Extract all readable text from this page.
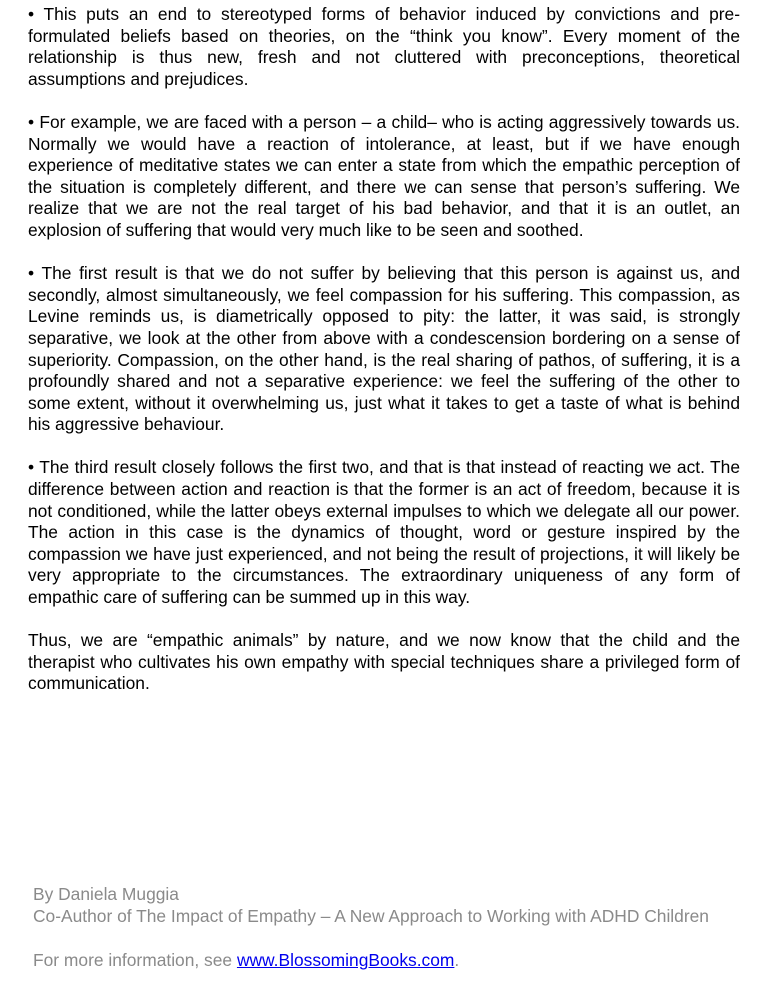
• This puts an end to stereotyped forms of behavior induced by convictions and pre-formulated beliefs based on theories, on the “think you know”. Every moment of the relationship is thus new, fresh and not cluttered with preconceptions, theoretical assumptions and prejudices.

• For example, we are faced with a person – a child– who is acting aggressively towards us. Normally we would have a reaction of intolerance, at least, but if we have enough experience of meditative states we can enter a state from which the empathic perception of the situation is completely different, and there we can sense that person’s suffering. We realize that we are not the real target of his bad behavior, and that it is an outlet, an explosion of suffering that would very much like to be seen and soothed.

• The first result is that we do not suffer by believing that this person is against us, and secondly, almost simultaneously, we feel compassion for his suffering. This compassion, as Levine reminds us, is diametrically opposed to pity: the latter, it was said, is strongly separative, we look at the other from above with a condescension bordering on a sense of superiority. Compassion, on the other hand, is the real sharing of pathos, of suffering, it is a profoundly shared and not a separative experience: we feel the suffering of the other to some extent, without it overwhelming us, just what it takes to get a taste of what is behind his aggressive behaviour.

• The third result closely follows the first two, and that is that instead of reacting we act. The difference between action and reaction is that the former is an act of freedom, because it is not conditioned, while the latter obeys external impulses to which we delegate all our power. The action in this case is the dynamics of thought, word or gesture inspired by the compassion we have just experienced, and not being the result of projections, it will likely be very appropriate to the circumstances. The extraordinary uniqueness of any form of empathic care of suffering can be summed up in this way.

Thus, we are “empathic animals” by nature, and we now know that the child and the therapist who cultivates his own empathy with special techniques share a privileged form of communication.

By Daniela Muggia
Co-Author of The Impact of Empathy – A New Approach to Working with ADHD Children
For more information, see www.BlossomingBooks.com.
